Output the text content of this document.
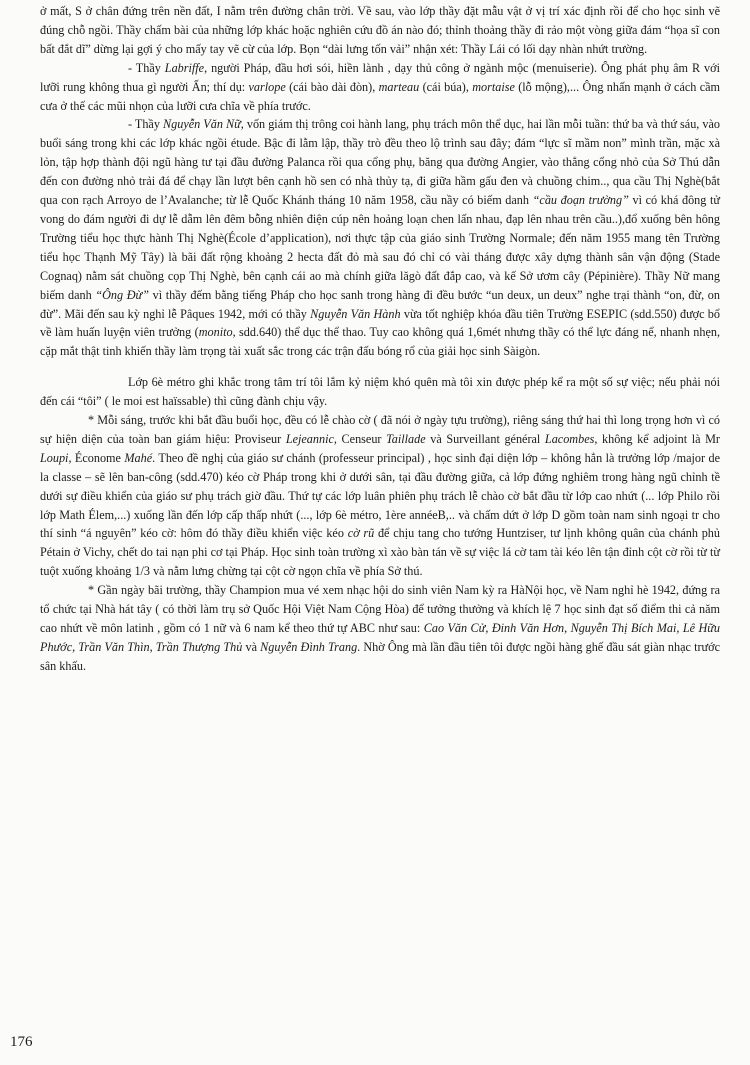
ở mất, S ở chân đứng trên nền đất, I nằm trên đường chân trời. Về sau, vào lớp thầy đặt mẫu vật ở vị trí xác định rồi để cho học sinh vẽ đúng chỗ ngồi. Thầy chấm bài của những lớp khác hoặc nghiên cứu đồ án nào đó; thỉnh thoảng thầy đi rảo một vòng giữa đám “họa sĩ con bất đắt dĩ” dừng lại gợi ý cho mấy tay vẽ cừ của lớp. Bọn “dài lưng tốn vải” nhận xét: Thầy Lái có lối dạy nhàn nhứt trường.

- Thầy Labriffe, người Pháp, đầu hơi sói, hiền lành , dạy thủ công ở ngành mộc (menuiserie). Ông phát phụ âm R với lưỡi rung không thua gì người Ấn; thí dụ: varlope (cái bào dài đòn), marteau (cái búa), mortaise (lỗ mộng),... Ông nhấn mạnh ở cách cầm cưa ở thế các mũi nhọn của lưỡi cưa chĩa về phía trước.

- Thầy Nguyễn Văn Nữ, vốn giám thị trông coi hành lang, phụ trách môn thể dục, hai lần mỗi tuần: thứ ba và thứ sáu, vào buổi sáng trong khi các lớp khác ngồi étude. Bậc đi lằm lập, thầy trò đều theo lộ trình sau đây; đám “lực sĩ mầm non” mình trần, mặc xà lỏn, tập hợp thành đội ngũ hàng tư tại đầu đường Palanca rồi qua cổng phụ, băng qua đường Angier, vào thẳng cổng nhỏ của Sở Thú dẫn đến con đường nhỏ trải đá để chạy lần lượt bên cạnh hồ sen có nhà thủy tạ, đi giữa hầm gấu đen và chuồng chim.., qua cầu Thị Nghè(bắt qua con rạch Arroyo de l’Avalanche; từ lễ Quốc Khánh tháng 10 năm 1958, cầu nầy có biếm danh “cầu đoạn trường” vì có khá đông tử vong do đám người đi dự lễ dẫm lên đêm bỗng nhiên điện cúp nên hoảng loạn chen lấn nhau, đạp lên nhau trên cầu..),đổ xuống bên hông Trường tiểu học thực hành Thị Nghè(École d’application), nơi thực tập của giáo sinh Trường Normale; đến năm 1955 mang tên Trường tiểu học Thạnh Mỹ Tây) là bãi đất rộng khoảng 2 hecta đất đỏ mà sau đó chỉ có vài tháng được xây dựng thành sân vận động (Stade Cognaq) nằm sát chuồng cọp Thị Nghè, bên cạnh cái ao mà chính giữa lăgò đất đắp cao, và kế Sở ươm cây (Pépinière). Thầy Nữ mang biếm danh “Ông Đừ” vì thầy đếm bằng tiếng Pháp cho học sanh trong hàng đi đều bước “un deux, un deux” nghe trại thành “on, đừ, on đừ”. Mãi đến sau kỳ nghỉ lễ Pâques 1942, mới có thầy Nguyễn Văn Hành vừa tốt nghiệp khóa đầu tiên Trường ESEPIC (sdd.550) được bổ về làm huấn luyện viên trưởng (monito, sdd.640) thể dục thể thao. Tuy cao không quá 1,6mét nhưng thầy có thể lực đáng nể, nhanh nhẹn, cặp mắt thật tinh khiến thầy làm trọng tài xuất sắc trong các trận đấu bóng rổ của giải học sinh Sàigòn.

Lớp 6è métro ghi khắc trong tâm trí tôi lắm kỷ niệm khó quên mà tôi xin được phép kể ra một số sự việc; nếu phải nói đến cái “tôi” ( le moi est haïssable) thì cũng đành chịu vậy.

* Mỗi sáng, trước khi bắt đầu buổi học, đều có lễ chào cờ ( đã nói ở ngày tựu trường), riêng sáng thứ hai thì long trọng hơn vì có sự hiện diện của toàn ban giám hiệu: Proviseur Lejeannic, Censeur Taillade và Surveillant général Lacombes, không kể adjoint là Mr Loupi, Économe Mahé. Theo đề nghị của giáo sư chánh (professeur principal) , học sinh đại diện lớp – không hẳn là trưởng lớp /major de la classe – sẽ lên ban-công (sdd.470) kéo cờ Pháp trong khi ở dưới sân, tại đầu đường giữa, cả lớp đứng nghiêm trong hàng ngũ chỉnh tề dưới sự điều khiển của giáo sư phụ trách giờ đầu. Thứ tự các lớp luân phiên phụ trách lễ chào cờ bắt đầu từ lớp cao nhứt (... lớp Philo rồi lớp Math Élem,...) xuống lần đến lớp cấp thấp nhứt (..., lớp 6è métro, 1ère annéeB,.. và chấm dứt ở lớp D gồm toàn nam sinh ngoại tr cho thí sinh “á nguyên” kéo cờ: hôm đó thầy điều khiển việc kéo cờ rũ để chịu tang cho tướng Huntziser, tư lịnh không quân của chánh phủ Pétain ở Vichy, chết do tai nạn phi cơ tại Pháp. Học sinh toàn trường xì xào bàn tán về sự việc lá cờ tam tài kéo lên tận đỉnh cột cờ rồi từ từ tuột xuống khoảng 1/3 và nằm lưng chừng tại cột cờ ngọn chĩa về phía Sở thú.

* Gần ngày bãi trường, thầy Champion mua vé xem nhạc hội do sinh viên Nam kỳ ra HàNội học, về Nam nghỉ hè 1942, đứng ra tổ chức tại Nhà hát tây ( có thời làm trụ sở Quốc Hội Việt Nam Cộng Hòa) để tưởng thưởng và khích lệ 7 học sinh đạt số điểm thi cả năm cao nhứt về môn latinh , gồm có 1 nữ và 6 nam kể theo thứ tự ABC như sau: Cao Văn Cử, Đinh Văn Hơn, Nguyễn Thị Bích Mai, Lê Hữu Phước, Trần Văn Thìn, Trần Thượng Thủ và Nguyễn Đình Trang. Nhờ Ông mà lần đầu tiên tôi được ngồi hàng ghế đầu sát giàn nhạc trước sân khấu.

176
